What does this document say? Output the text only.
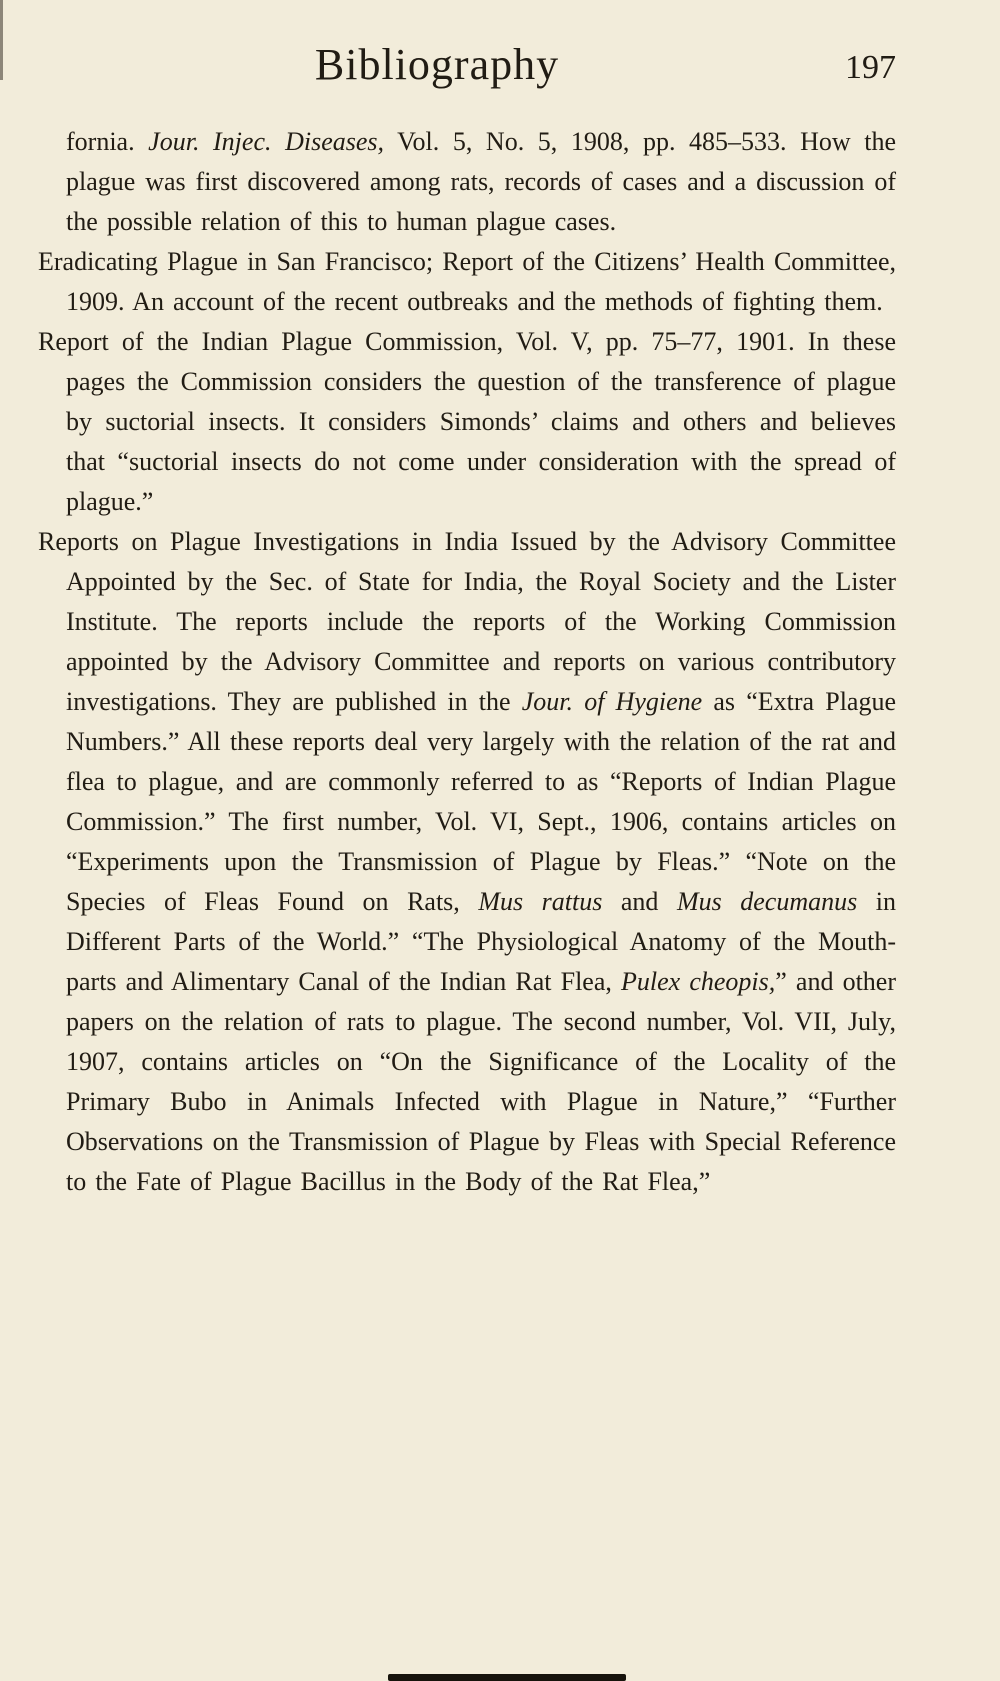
Bibliography	197

fornia. Jour. Injec. Diseases, Vol. 5, No. 5, 1908, pp. 485–533. How the plague was first discovered among rats, records of cases and a discussion of the possible relation of this to human plague cases.

Eradicating Plague in San Francisco; Report of the Citizens’ Health Committee, 1909. An account of the recent outbreaks and the methods of fighting them.

Report of the Indian Plague Commission, Vol. V, pp. 75–77, 1901. In these pages the Commission considers the question of the transference of plague by suctorial insects. It considers Simonds’ claims and others and believes that “suctorial insects do not come under consideration with the spread of plague.”

Reports on Plague Investigations in India Issued by the Advisory Committee Appointed by the Sec. of State for India, the Royal Society and the Lister Institute. The reports include the reports of the Working Commission appointed by the Advisory Committee and reports on various contributory investigations. They are published in the Jour. of Hygiene as “Extra Plague Numbers.” All these reports deal very largely with the relation of the rat and flea to plague, and are commonly referred to as “Reports of Indian Plague Commission.” The first number, Vol. VI, Sept., 1906, contains articles on “Experiments upon the Transmission of Plague by Fleas.” “Note on the Species of Fleas Found on Rats, Mus rattus and Mus decumanus in Different Parts of the World.” “The Physiological Anatomy of the Mouth-parts and Alimentary Canal of the Indian Rat Flea, Pulex cheopis,” and other papers on the relation of rats to plague. The second number, Vol. VII, July, 1907, contains articles on “On the Significance of the Locality of the Primary Bubo in Animals Infected with Plague in Nature,” “Further Observations on the Transmission of Plague by Fleas with Special Reference to the Fate of Plague Bacillus in the Body of the Rat Flea,”
